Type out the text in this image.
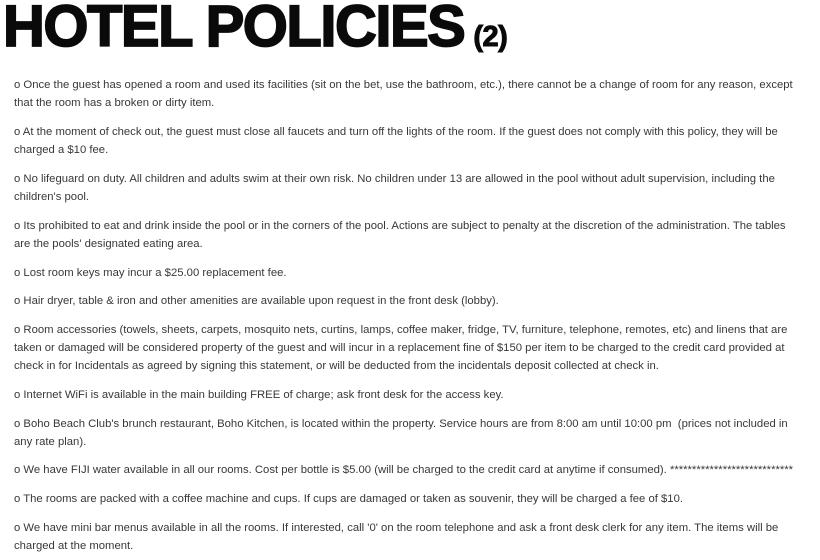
HOTEL POLICIES (2)

o Once the guest has opened a room and used its facilities (sit on the bet, use the bathroom, etc.), there cannot be a change of room for any reason, except that the room has a broken or dirty item.

o At the moment of check out, the guest must close all faucets and turn off the lights of the room. If the guest does not comply with this policy, they will be charged a $10 fee.

o No lifeguard on duty. All children and adults swim at their own risk. No children under 13 are allowed in the pool without adult supervision, including the children's pool.

o Its prohibited to eat and drink inside the pool or in the corners of the pool. Actions are subject to penalty at the discretion of the administration. The tables are the pools' designated eating area.

o Lost room keys may incur a $25.00 replacement fee.

o Hair dryer, table & iron and other amenities are available upon request in the front desk (lobby).

o Room accessories (towels, sheets, carpets, mosquito nets, curtins, lamps, coffee maker, fridge, TV, furniture, telephone, remotes, etc) and linens that are taken or damaged will be considered property of the guest and will incur in a replacement fine of $150 per item to be charged to the credit card provided at check in for Incidentals as agreed by signing this statement, or will be deducted from the incidentals deposit collected at check in.

o Internet WiFi is available in the main building FREE of charge; ask front desk for the access key.

o Boho Beach Club's brunch restaurant, Boho Kitchen, is located within the property. Service hours are from 8:00 am until 10:00 pm  (prices not included in any rate plan).

o We have FIJI water available in all our rooms. Cost per bottle is $5.00 (will be charged to the credit card at anytime if consumed). ****************************

o The rooms are packed with a coffee machine and cups. If cups are damaged or taken as souvenir, they will be charged a fee of $10.

o We have mini bar menus available in all the rooms. If interested, call '0' on the room telephone and ask a front desk clerk for any item. The items will be charged at the moment.
